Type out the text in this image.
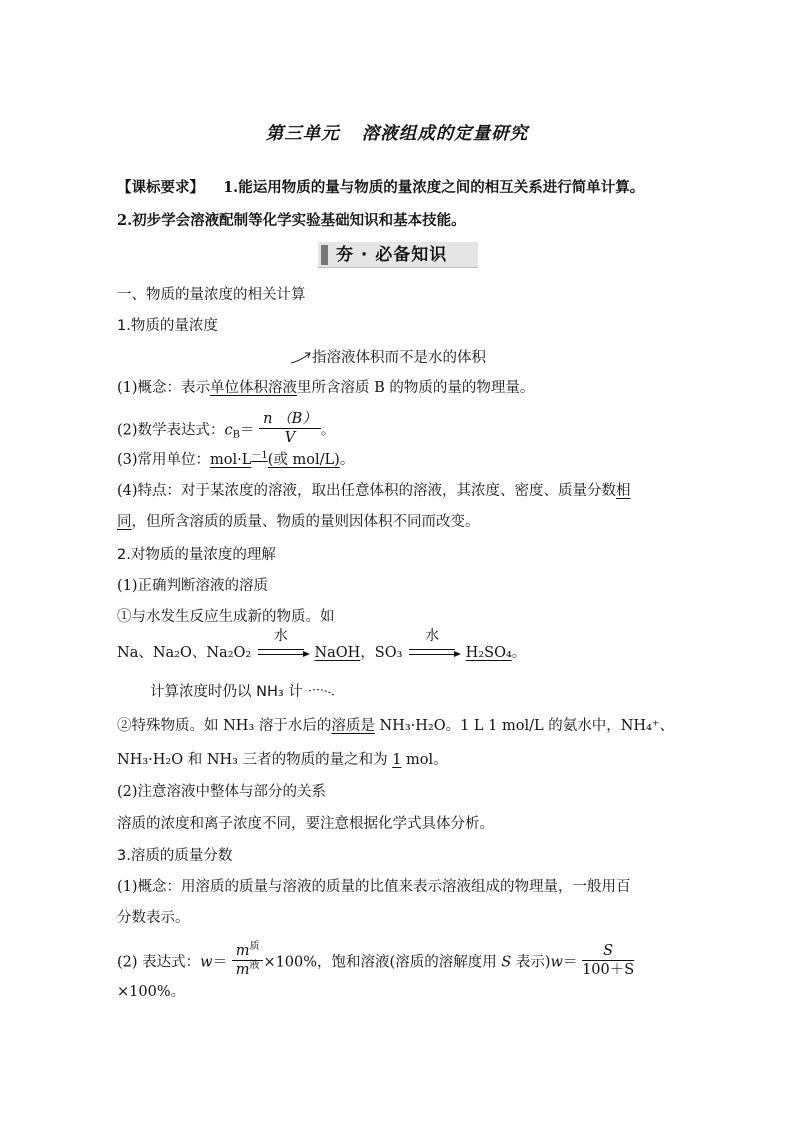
第三单元 溶液组成的定量研究
【课标要求】 1.能运用物质的量与物质的量浓度之间的相互关系进行简单计算。
2.初步学会溶液配制等化学实验基础知识和基本技能。
夯 · 必备知识
一、物质的量浓度的相关计算
1.物质的量浓度
指溶液体积而不是水的体积
(1)概念：表示单位体积溶液里所含溶质 B 的物质的量的物理量。
(2)数学表达式：$c_B= \frac{n (B)}{V}$ 。
(3)常用单位：$mol\cdot L^{-1}$(或 mol/L)。
(4)特点：对于某浓度的溶液，取出任意体积的溶液，其浓度、密度、质量分数相
同，但所含溶质的质量、物质的量则因体积不同而改变。
2.对物质的量浓度的理解
(1)正确判断溶液的溶质
①与水发生反应生成新的物质。如
Na、Na₂O、Na₂O₂
水
NaOH，SO₃
水
H₂SO₄。
计算浓度时仍以 NH₃ 计
②特殊物质。如 NH₃ 溶于水后的溶质是 NH₃·H₂O。1 L 1 mol/L 的氨水中，NH₄⁺、
NH₃·H₂O 和 NH₃ 三者的物质的量之和为 1 mol。
(2)注意溶液中整体与部分的关系
溶质的浓度和离子浓度不同，要注意根据化学式具体分析。
3.溶质的质量分数
(1)概念：用溶质的质量与溶液的质量的比值来表示溶液组成的物理量，一般用百
分数表示。
(2) 表达式：$w= \frac{m^质}{m^液} \times 100\%$，饱和溶液(溶质的溶解度用 S 表示)$w= \frac{S}{100+S}$
×100%。
